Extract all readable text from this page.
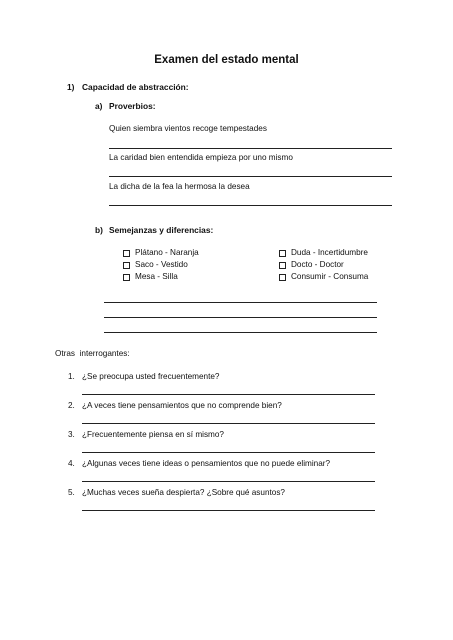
Examen del estado mental
1) Capacidad de abstracción:
a) Proverbios:
Quien siembra vientos recoge tempestades
La caridad bien entendida empieza por uno mismo
La dicha de la fea la hermosa la desea
b) Semejanzas y diferencias:
Plátano - Naranja
Saco - Vestido
Mesa - Silla
Duda - Incertidumbre
Docto - Doctor
Consumir - Consuma
Otras  interrogantes:
1. ¿Se preocupa usted frecuentemente?
2. ¿A veces tiene pensamientos que no comprende bien?
3. ¿Frecuentemente piensa en sí mismo?
4. ¿Algunas veces tiene ideas o pensamientos que no puede eliminar?
5. ¿Muchas veces sueña despierta? ¿Sobre qué asuntos?
